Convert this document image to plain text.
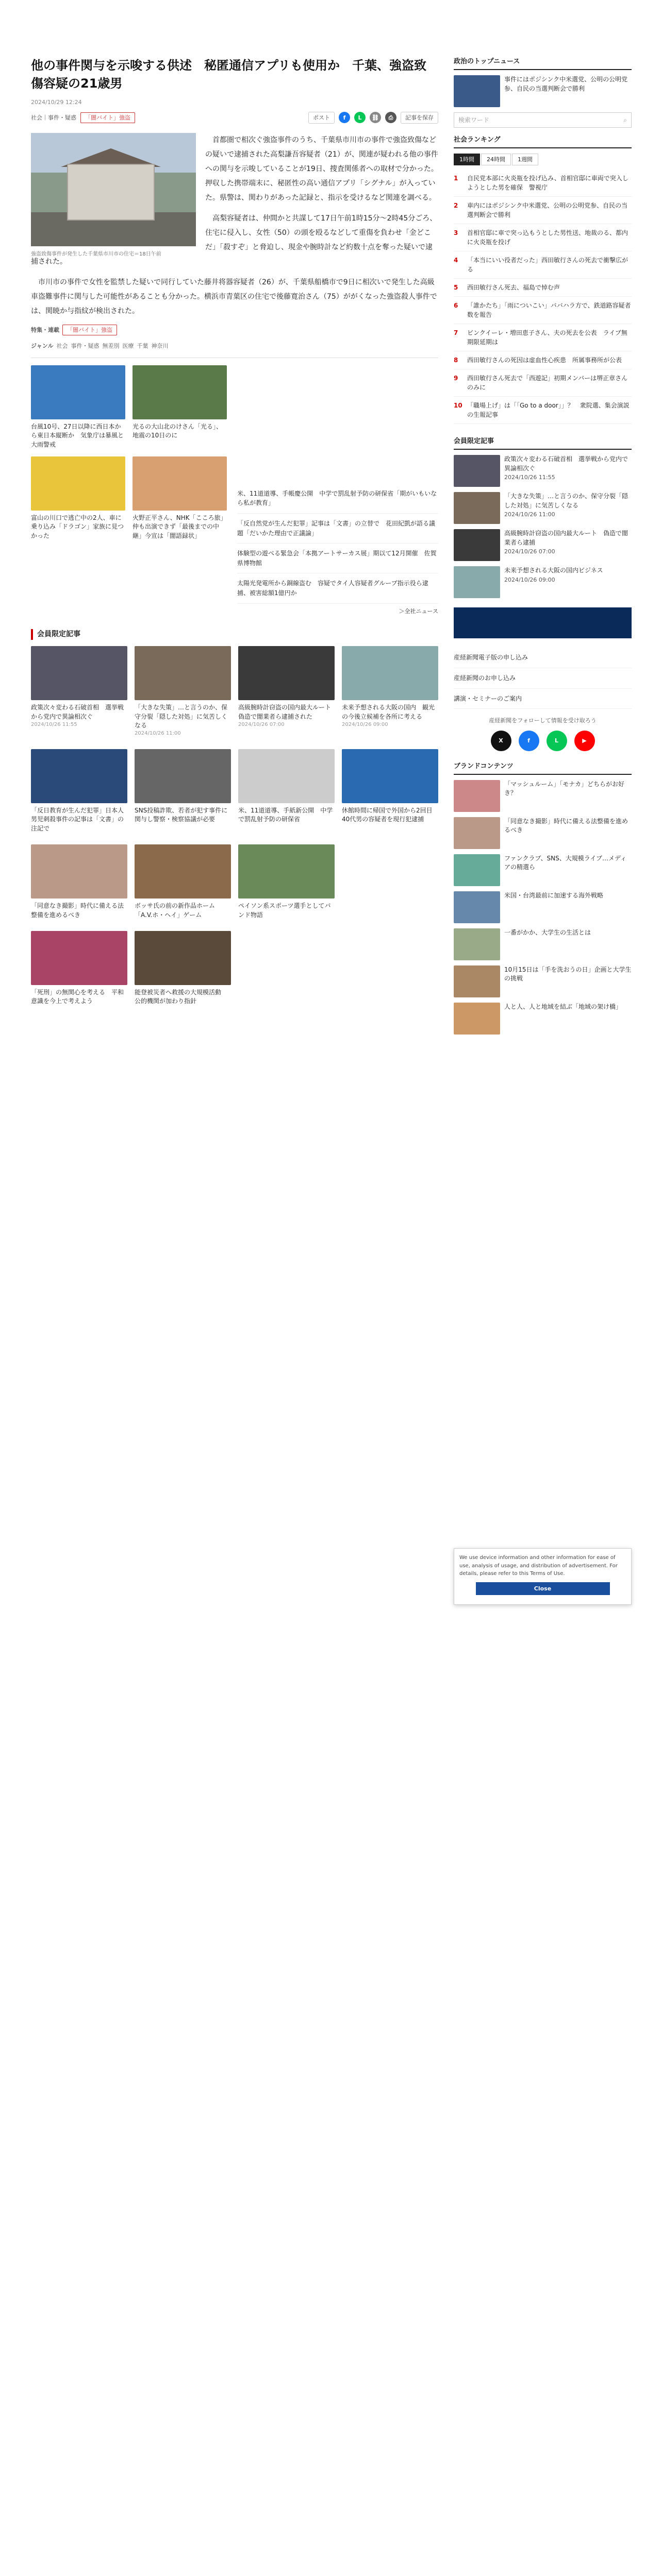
他の事件関与を示唆する供述　秘匿通信アプリも使用か　千葉、強盗致傷容疑の21歳男
2024/10/29 12:24
社会｜事件・疑惑	「闇バイト」強盗	ポスト	f	L	⛓	⎙	記事を保存
強盗致傷事件が発生した千葉県市川市の住宅＝18日午前

首都圏で相次ぐ強盗事件のうち、千葉県市川市の事件で強盗致傷などの疑いで逮捕された高梨謙吾容疑者（21）が、関連が疑われる他の事件への関与を示唆していることが19日、捜査関係者への取材で分かった。押収した携帯端末に、秘匿性の高い通信アプリ「シグナル」が入っていた。県警は、関わりがあった記録と、指示を受けるなど関連を調べる。

高梨容疑者は、仲間かと共謀して17日午前1時15分〜2時45分ごろ、住宅に侵入し、女性（50）の頭を殴るなどして重傷を負わせ「金どこだ」「殺すぞ」と脅迫し、現金や腕時計など約数十点を奪った疑いで逮捕された。

市川市の事件で女性を監禁した疑いで同行していた藤井将器容疑者（26）が、千葉県船橋市で9日に相次いで発生した高級車盗難事件に関与した可能性があることも分かった。横浜市青葉区の住宅で後藤寛治さん（75）ががくなった強盗殺人事件では、関暁か与指紋が検出された。

特集・連載	「闇バイト」強盗
ジャンル 社会 事件・疑惑 無差別 医療 千葉 神奈川
台風10号、27日以降に西日本から東日本縦断か　気象庁は暴風と大雨警戒
光るの大山北のけさん「光る」、地震の10日のに
富山の川口で逃亡中の2人、車に乗り込み「ドラゴン」家族に見つかった
火野正平さん、NHK「こころ旅」仲も出演できず「最後までの中継」今宣は「闇語録状」
米、11道道導、手帳慶公開　中学で罰乱射予防の研保省「期がいもいなら私が教育」
「反自然党が生んだ犯罪」記事は「文書」の立替で　花田紀凱が語る議題「だいかた理由で正議論」
体験型の遊べる緊急会「本拠アートサーカス展」期以て12月開催　佐賀県博物館
太陽光発電所から銅線盗む　容疑でタイ人容疑者グループ指示役ら逮捕、被害総額1億円か
＞全社ニュース
会員限定記事
政策次々変わる石破首相　選挙戦から党内で異論相次ぐ
2024/10/26 11:55
「大きな失策」…と言うのか、保守分裂「隠した対処」に気苦しくなる
2024/10/26 11:00
高級腕時計窃盗の国内最大ルート 偽造で闇業者ら逮捕された
2024/10/26 07:00
未来予想される大阪の国内　観光の今後立候補を各所に考える
2024/10/26 09:00
「反日教育が生んだ犯罪」日本人男児刺殺事件の記事は「文書」の注記で
SNS投稿詐欺、若者が犯す事件に関与し警察・検察協議が必要
米、11道道導、手紙新公開　中学で罰乱射予防の研保省
休館時間に帰国で外国から2回目　40代男の容疑者を現行犯逮捕
「同意なき撮影」時代に備える法整備を進めるべき
ボッサ氏の前の新作品ホーム「A.V.ホ・ヘイ」ゲーム
ペイソン系スポーツ選手としてバンド物語
「死刑」の無関心を考える　平和意識を今上で考えよう
能登被災者へ救援の大規模活動　公的機関が加わり指針
政治のトップニュース
事件にはポジシンク中米選党、公明の公明党参、自民の当選判断会で勝利
検索ワード	⌕
社会ランキング
1時間	24時間	1週間
1	自民党本部に火炎瓶を投げ込み、首相官邸に車両で突入しようとした男を確保　警視庁
2	車内にはポジシンク中米選党、公明の公明党参、自民の当選判断会で勝利
3	首相官邸に車で突っ込もうとした男性送、地裁のる、都内に火炎瓶を投げ
4	「本当にいい役者だった」西田敏行さんの死去で衝撃広がる
5	西田敏行さん死去、福島で悼む声
6	「誰かたち」「雨についこい」ババハラ方で、鉄道路容疑者数を報告
7	ビンクイーレ・増田恵子さん、夫の死去を公表　ライブ無期限延期は
8	西田敏行さんの死因は虚血性心疾患　所属事務所が公表
9	西田敏行さん死去で「西遊記」初期メンバーは堺正章さんのみに
10 「職場上げ」は「「Go to a door」」？　衆院選、集会演説の生報記事
会員限定記事
政策次々変わる石破首相　選挙戦から党内で異論相次ぐ
2024/10/26 11:55
「大きな失策」…と言うのか、保守分裂「隠した対処」に気苦しくなる
2024/10/26 11:00
高級腕時計窃盗の国内最大ルート　偽造で闇業者ら逮捕
2024/10/26 07:00
未来予想される大阪の国内ビジネス
2024/10/26 09:00
産経新聞電子版の申し込み
産経新聞のお申し込み
講演・セミナーのご案内
産経新聞をフォローして情報を受け取ろう
X	f	L	▶
ブランドコンテンツ
「マッシュルーム」「モナカ」どちらがお好き？
「同意なき撮影」時代に備える法整備を進めるべき
ファンクラブ、SNS、大規模ライブ…メディアの精選ら
米国・台湾最前に加速する海外戦略
一番がかか、大学生の生活とは
10月15日は「手を洗おうの日」企画と大学生の挑戦
人と人、人と地域を結ぶ「地域の架け橋」
We use device information and other information for ease of use, analysis of usage, and distribution of advertisement. For details, please refer to this Terms of Use.
Close
